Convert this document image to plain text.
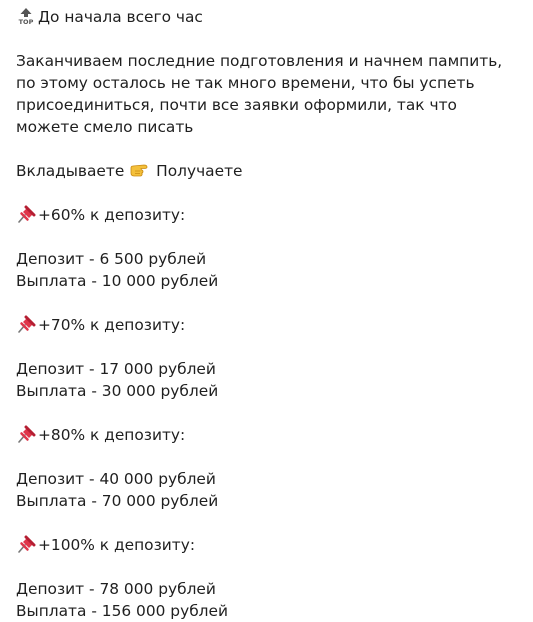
TOP До начала всего час
Заканчиваем последние подготовления и начнем пампить, по этому осталось не так много времени, что бы успеть присоединиться, почти все заявки оформили, так что можете смело писать
Вкладываете Получаете
+60% к депозиту:
Депозит - 6 500 рублей
Выплата - 10 000 рублей
+70% к депозиту:
Депозит - 17 000 рублей
Выплата - 30 000 рублей
+80% к депозиту:
Депозит - 40 000 рублей
Выплата - 70 000 рублей
+100% к депозиту:
Депозит - 78 000 рублей
Выплата - 156 000 рублей
